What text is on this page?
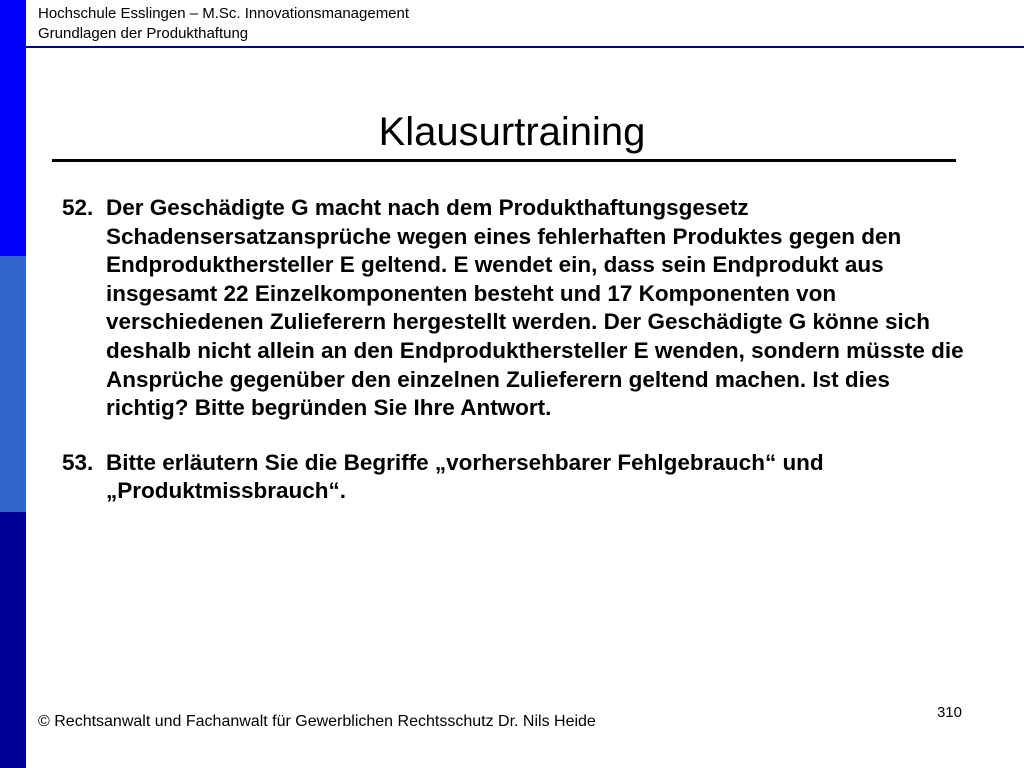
Hochschule Esslingen – M.Sc. Innovationsmanagement
Grundlagen der Produkthaftung
Klausurtraining
52. Der Geschädigte G macht nach dem Produkthaftungsgesetz Schadensersatzansprüche wegen eines fehlerhaften Produktes gegen den Endprodukthersteller E geltend. E wendet ein, dass sein Endprodukt aus insgesamt 22 Einzelkomponenten besteht und 17 Komponenten von verschiedenen Zulieferern hergestellt werden. Der Geschädigte G könne sich deshalb nicht allein an den Endprodukthersteller E wenden, sondern müsste die Ansprüche gegenüber den einzelnen Zulieferern geltend machen. Ist dies richtig? Bitte begründen Sie Ihre Antwort.
53. Bitte erläutern Sie die Begriffe „vorhersehbarer Fehlgebrauch“ und „Produktmissbrauch“.
310
© Rechtsanwalt und Fachanwalt für Gewerblichen Rechtsschutz Dr. Nils Heide
